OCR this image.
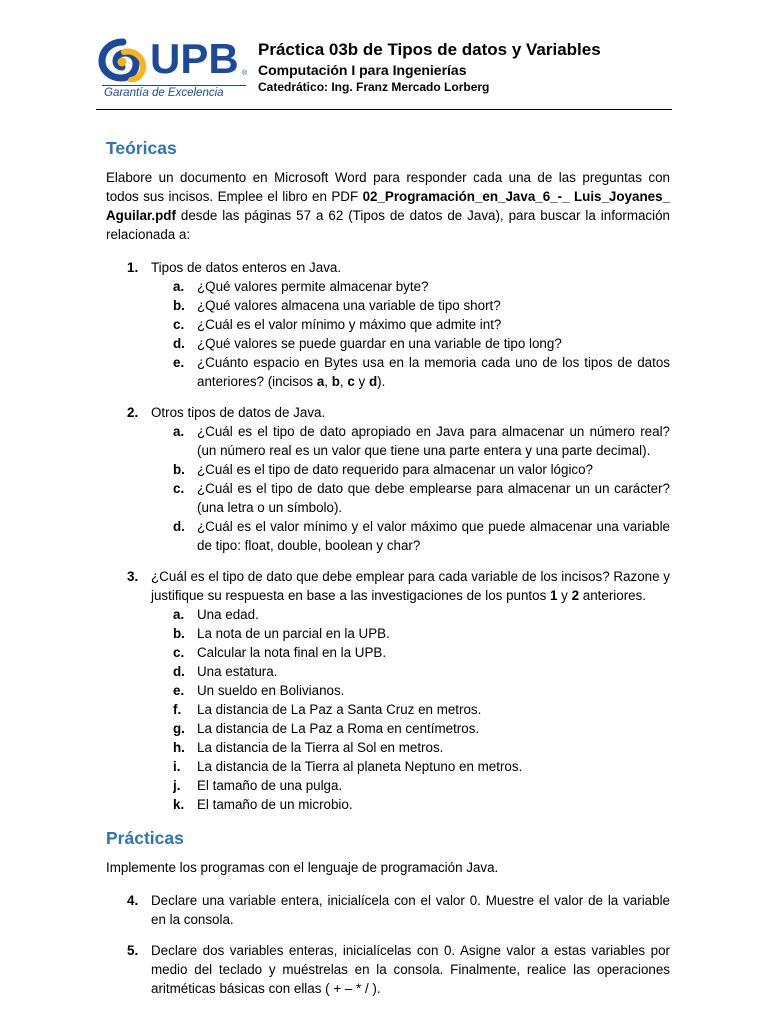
UPB ®
Garantía de Excelencia

Práctica 03b de Tipos de datos y Variables

Computación I para Ingenierías

Catedrático: Ing. Franz Mercado Lorberg

Teóricas

Elabore un documento en Microsoft Word para responder cada una de las preguntas con todos sus incisos. Emplee el libro en PDF 02_Programación_en_Java_6_-_ Luis_Joyanes_ Aguilar.pdf desde las páginas 57 a 62 (Tipos de datos de Java), para buscar la información relacionada a:

1. Tipos de datos enteros en Java.
a. ¿Qué valores permite almacenar byte?
b. ¿Qué valores almacena una variable de tipo short?
c. ¿Cuál es el valor mínimo y máximo que admite int?
d. ¿Qué valores se puede guardar en una variable de tipo long?
e. ¿Cuánto espacio en Bytes usa en la memoria cada uno de los tipos de datos anteriores? (incisos a, b, c y d).
2. Otros tipos de datos de Java.
a. ¿Cuál es el tipo de dato apropiado en Java para almacenar un número real? (un número real es un valor que tiene una parte entera y una parte decimal).
b. ¿Cuál es el tipo de dato requerido para almacenar un valor lógico?
c. ¿Cuál es el tipo de dato que debe emplearse para almacenar un un carácter? (una letra o un símbolo).
d. ¿Cuál es el valor mínimo y el valor máximo que puede almacenar una variable de tipo: float, double, boolean y char?
3. ¿Cuál es el tipo de dato que debe emplear para cada variable de los incisos? Razone y justifique su respuesta en base a las investigaciones de los puntos 1 y 2 anteriores.
a. Una edad.
b. La nota de un parcial en la UPB.
c. Calcular la nota final en la UPB.
d. Una estatura.
e. Un sueldo en Bolivianos.
f. La distancia de La Paz a Santa Cruz en metros.
g. La distancia de La Paz a Roma en centímetros.
h. La distancia de la Tierra al Sol en metros.
i. La distancia de la Tierra al planeta Neptuno en metros.
j. El tamaño de una pulga.
k. El tamaño de un microbio.
Prácticas

Implemente los programas con el lenguaje de programación Java.

4. Declare una variable entera, inicialícela con el valor 0. Muestre el valor de la variable en la consola.
5. Declare dos variables enteras, inicialícelas con 0. Asigne valor a estas variables por medio del teclado y muéstrelas en la consola. Finalmente, realice las operaciones aritméticas básicas con ellas ( + – * / ).
